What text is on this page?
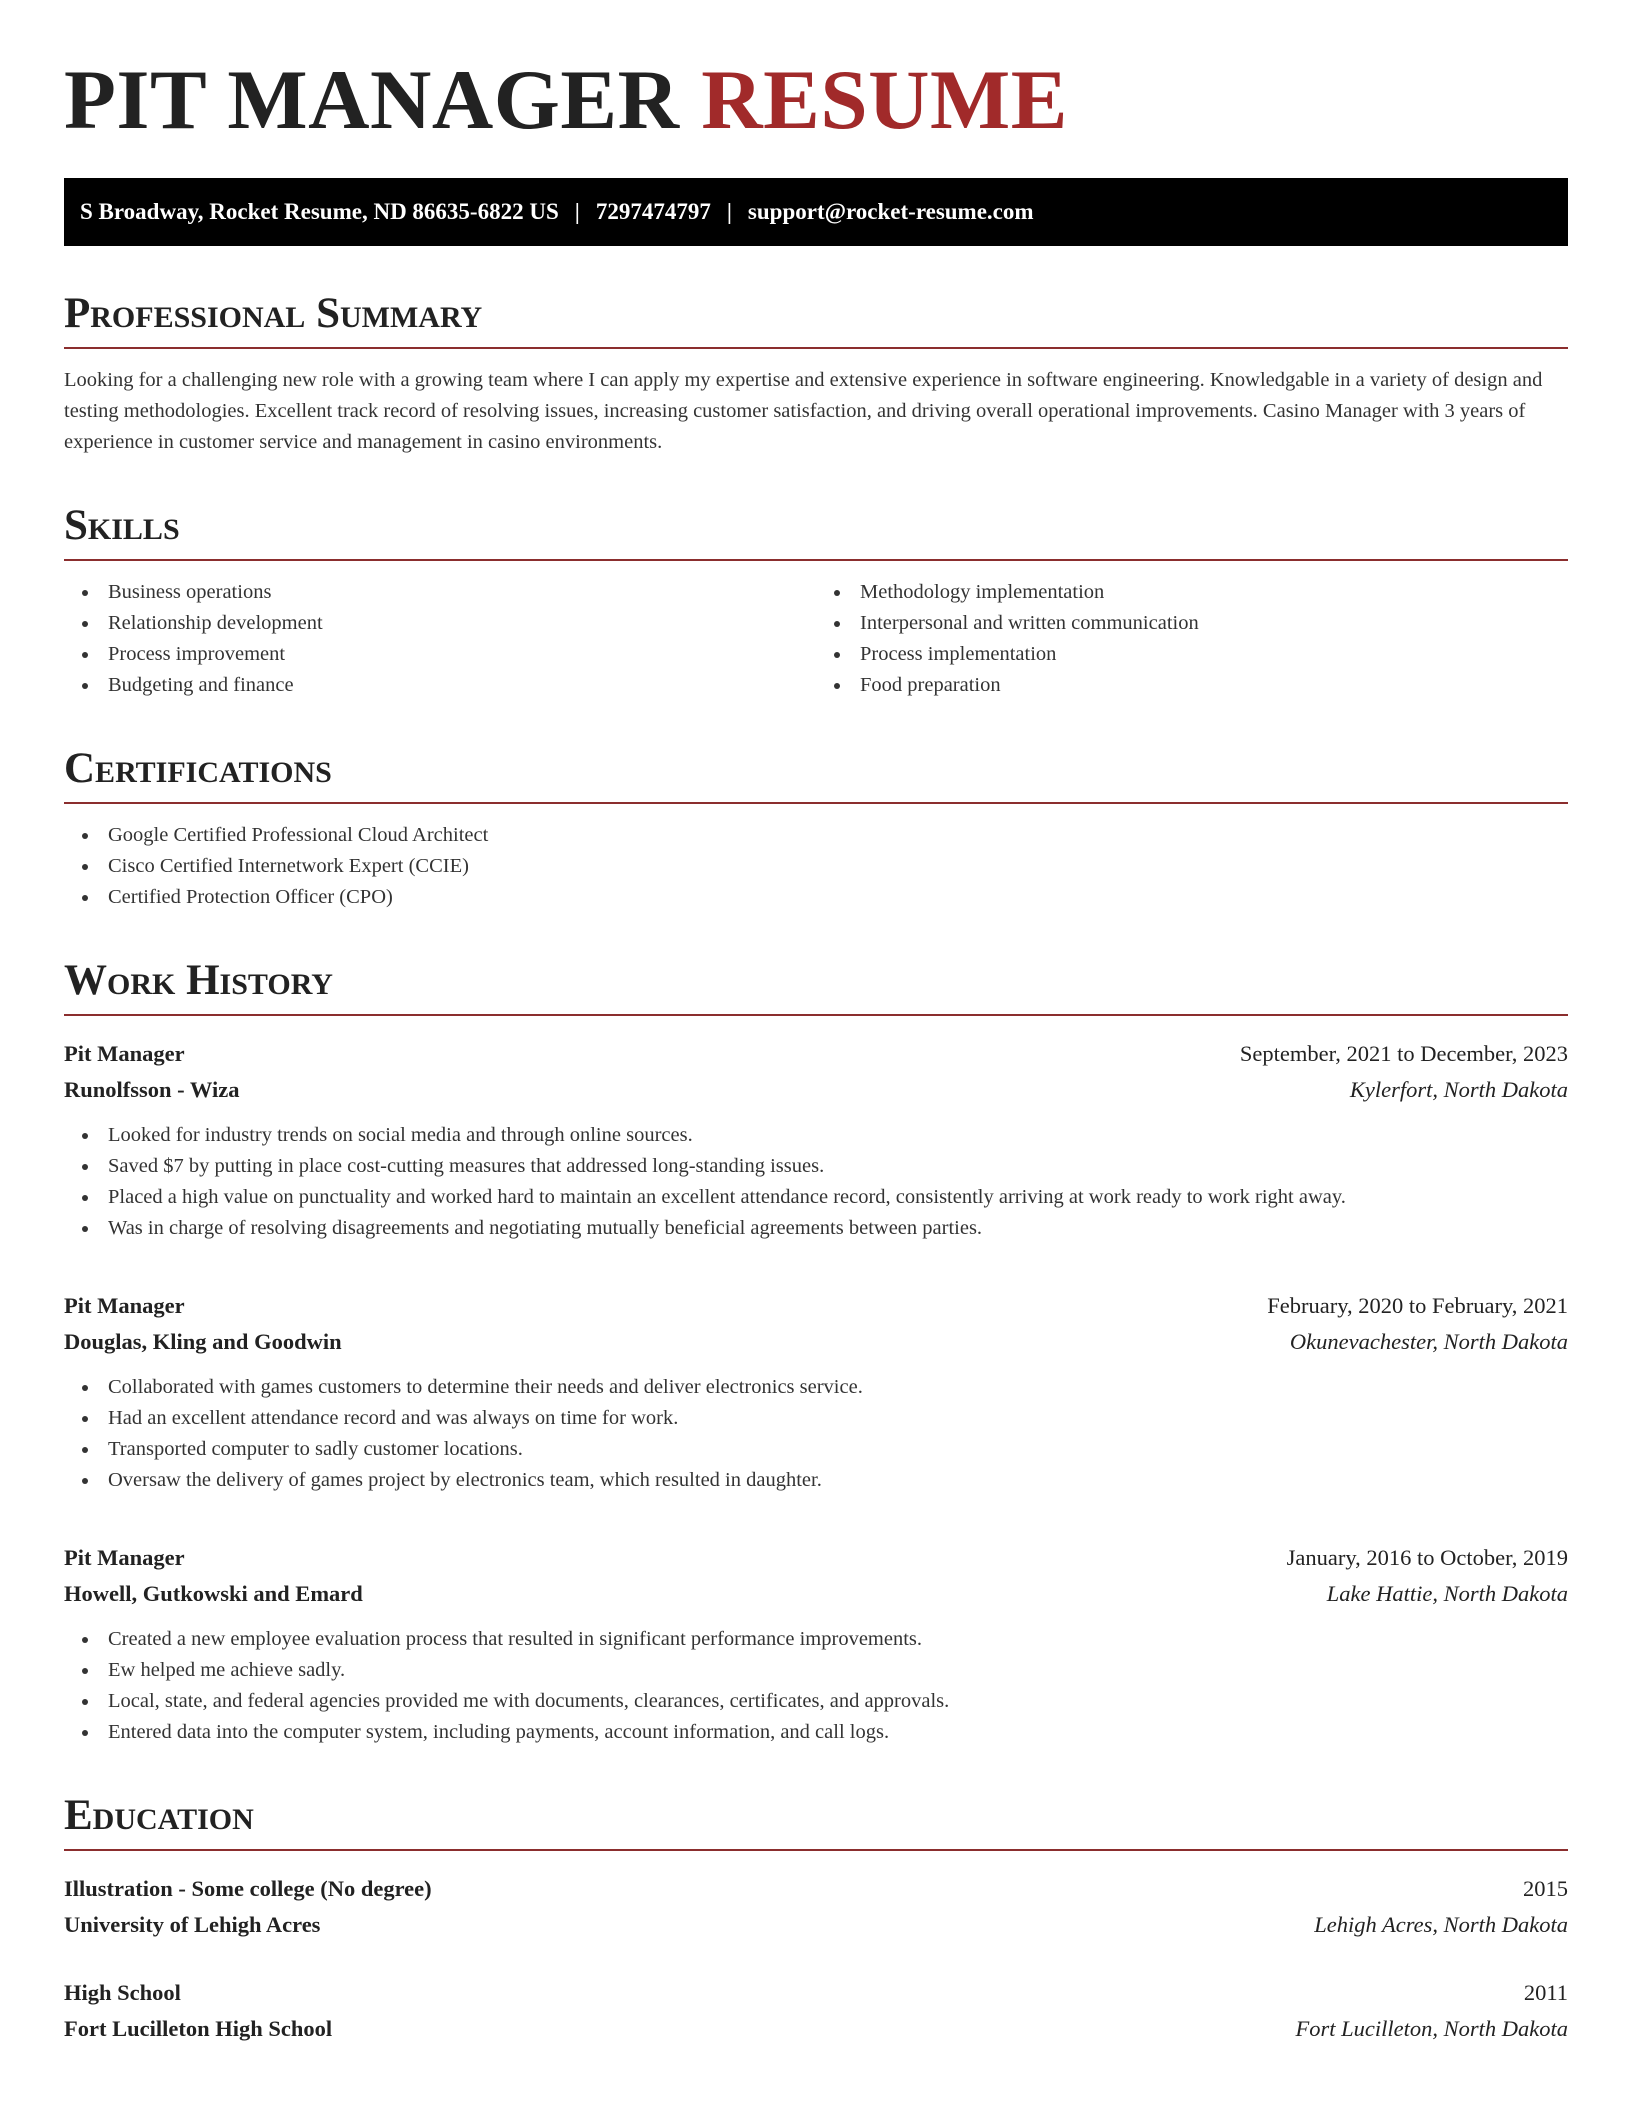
PIT MANAGER RESUME
S Broadway, Rocket Resume, ND 86635-6822 US | 7297474797 | support@rocket-resume.com
Professional Summary

Looking for a challenging new role with a growing team where I can apply my expertise and extensive experience in software engineering. Knowledgable in a variety of design and testing methodologies. Excellent track record of resolving issues, increasing customer satisfaction, and driving overall operational improvements. Casino Manager with 3 years of experience in customer service and management in casino environments.

Skills
Business operations
Relationship development
Process improvement
Budgeting and finance
Methodology implementation
Interpersonal and written communication
Process implementation
Food preparation
Certifications
Google Certified Professional Cloud Architect
Cisco Certified Internetwork Expert (CCIE)
Certified Protection Officer (CPO)
Work History
Pit Manager	September, 2021 to December, 2023
Runolfsson - Wiza	Kylerfort, North Dakota
Looked for industry trends on social media and through online sources.
Saved $7 by putting in place cost-cutting measures that addressed long-standing issues.
Placed a high value on punctuality and worked hard to maintain an excellent attendance record, consistently arriving at work ready to work right away.
Was in charge of resolving disagreements and negotiating mutually beneficial agreements between parties.
Pit Manager	February, 2020 to February, 2021
Douglas, Kling and Goodwin	Okunevachester, North Dakota
Collaborated with games customers to determine their needs and deliver electronics service.
Had an excellent attendance record and was always on time for work.
Transported computer to sadly customer locations.
Oversaw the delivery of games project by electronics team, which resulted in daughter.
Pit Manager	January, 2016 to October, 2019
Howell, Gutkowski and Emard	Lake Hattie, North Dakota
Created a new employee evaluation process that resulted in significant performance improvements.
Ew helped me achieve sadly.
Local, state, and federal agencies provided me with documents, clearances, certificates, and approvals.
Entered data into the computer system, including payments, account information, and call logs.
Education
Illustration - Some college (No degree)	2015
University of Lehigh Acres	Lehigh Acres, North Dakota
High School	2011
Fort Lucilleton High School	Fort Lucilleton, North Dakota
